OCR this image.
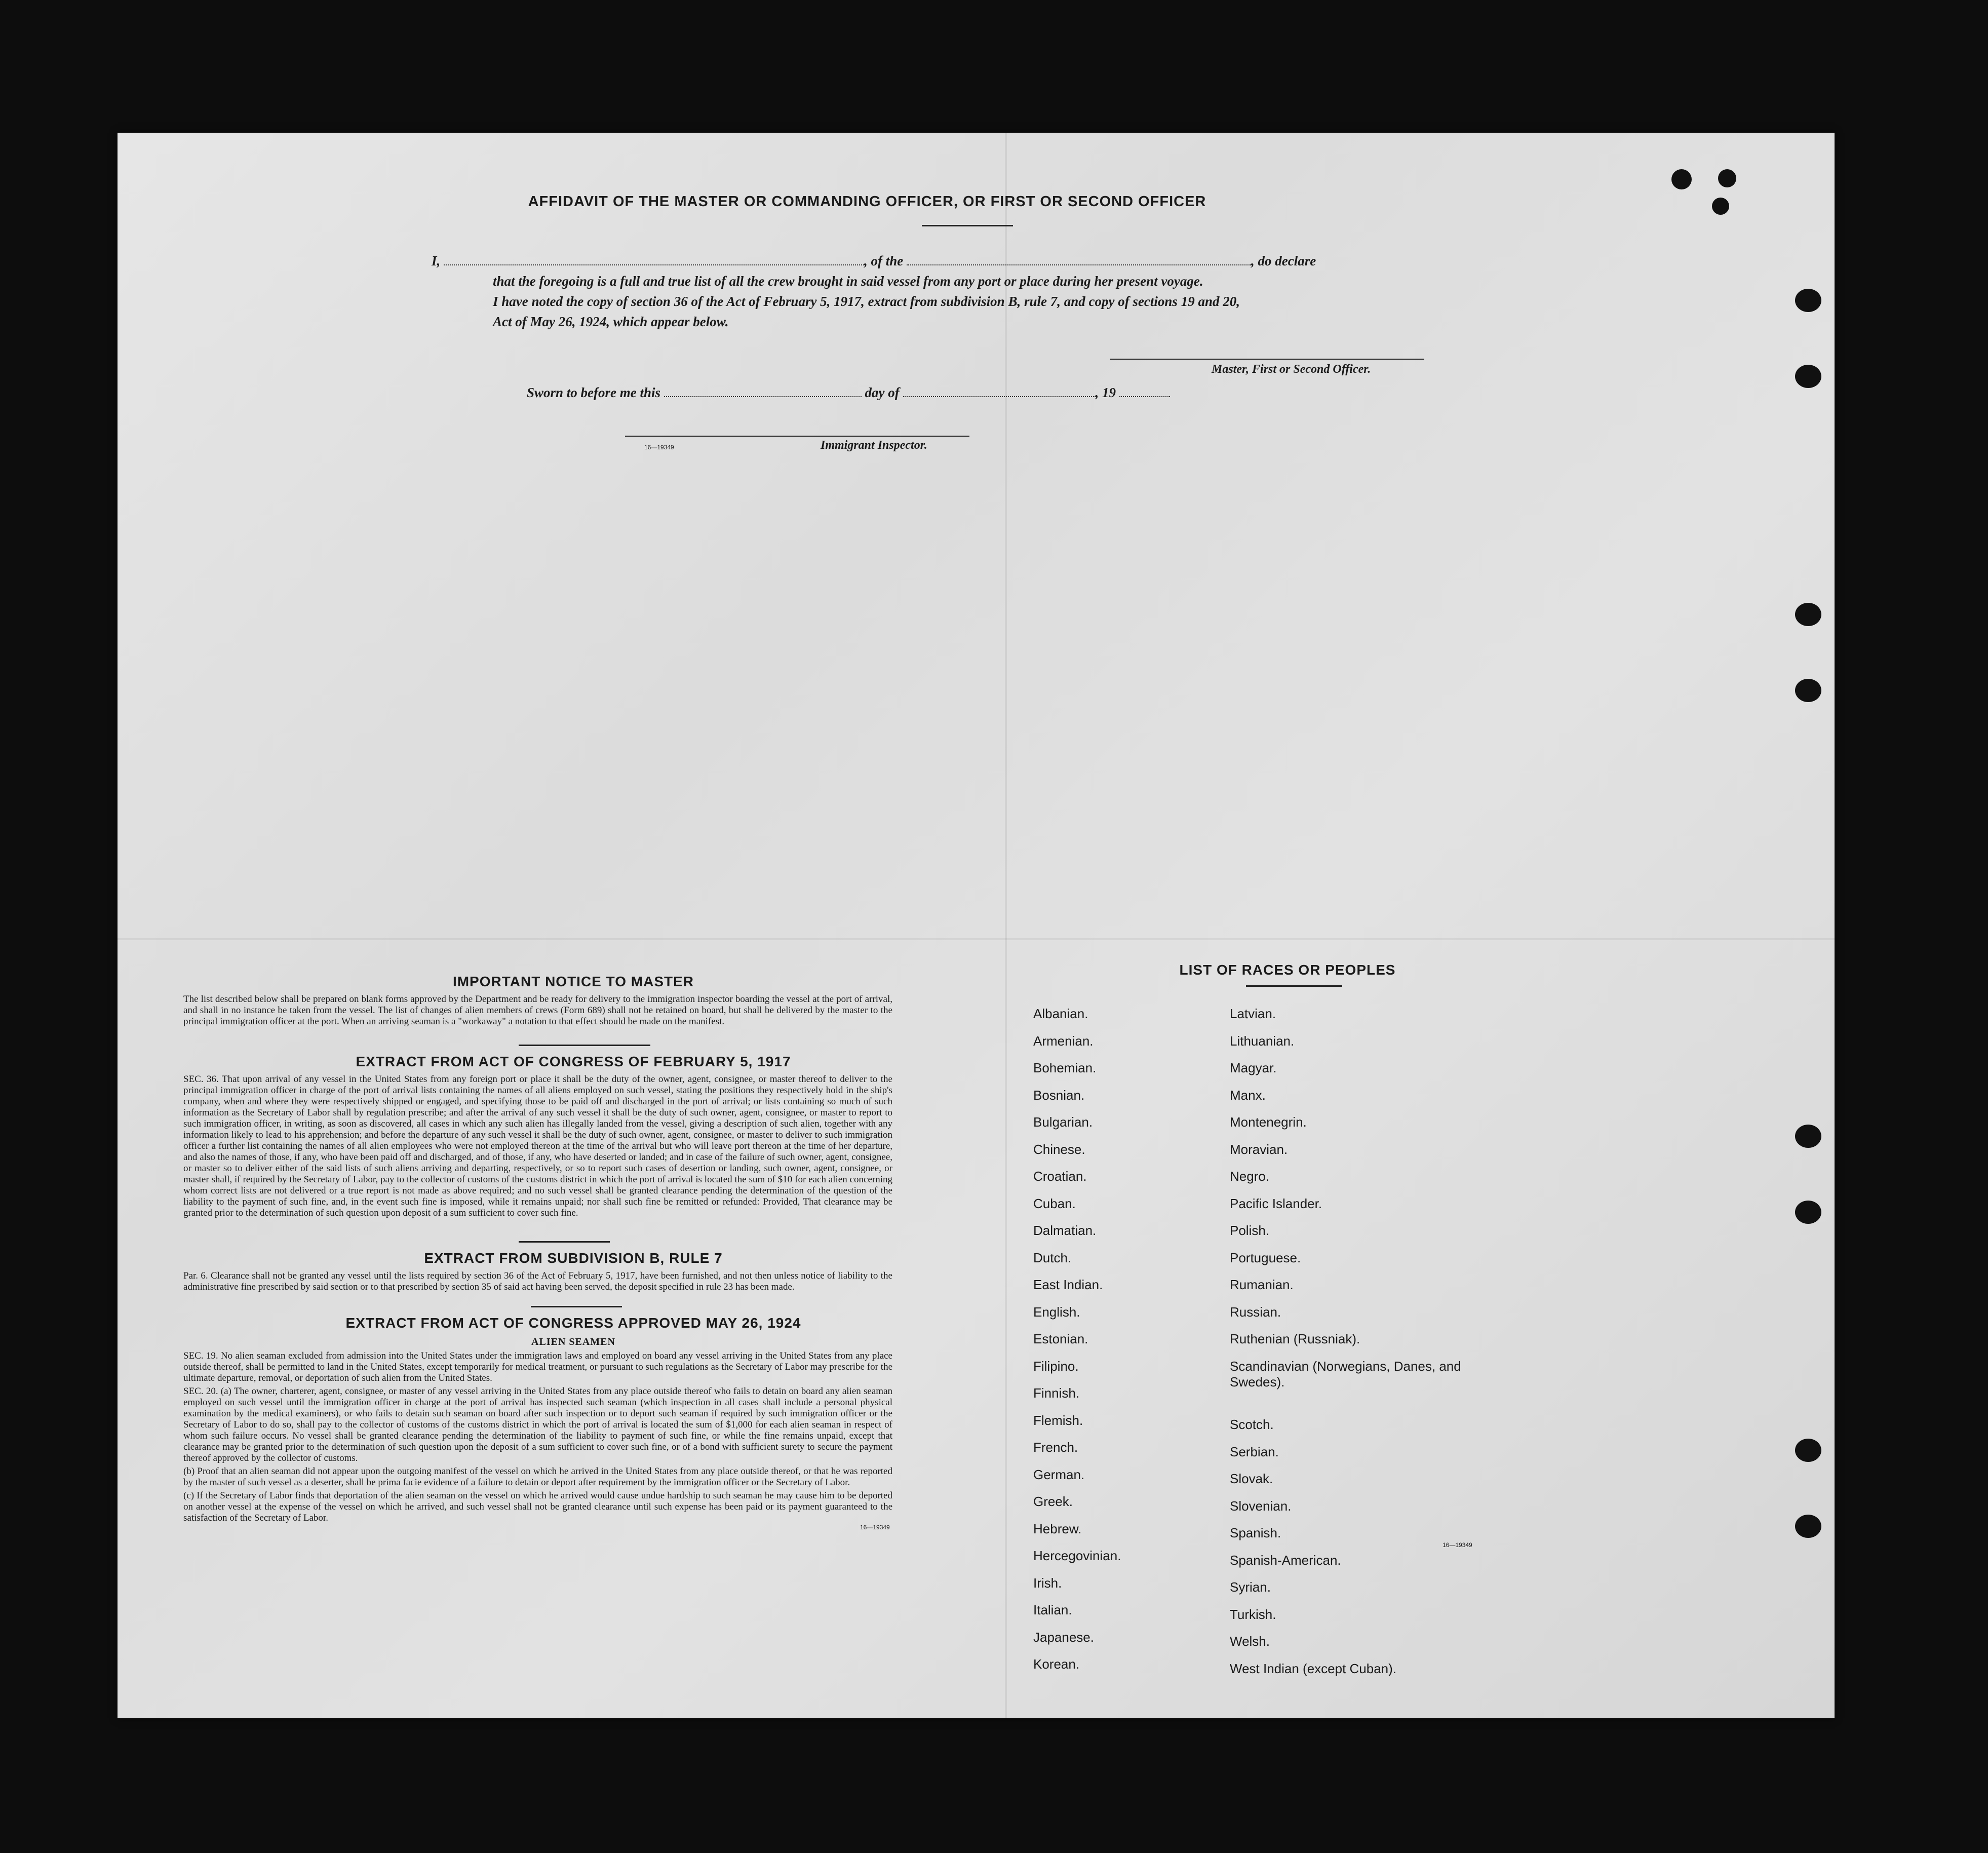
AFFIDAVIT OF THE MASTER OR COMMANDING OFFICER, OR FIRST OR SECOND OFFICER
I,	, of the	, do declare
that the foregoing is a full and true list of all the crew brought in said vessel from any port or place during her present voyage.
I have noted the copy of section 36 of the Act of February 5, 1917, extract from subdivision B, rule 7, and copy of sections 19 and 20,
Act of May 26, 1924, which appear below.
Master, First or Second Officer.
Sworn to before me this	day of	, 19
16—19349	Immigrant Inspector.
IMPORTANT NOTICE TO MASTER
The list described below shall be prepared on blank forms approved by the Department and be ready for delivery to the immigration inspector boarding the vessel at the port of arrival, and shall in no instance be taken from the vessel. The list of changes of alien members of crews (Form 689) shall not be retained on board, but shall be delivered by the master to the principal immigration officer at the port. When an arriving seaman is a "workaway" a notation to that effect should be made on the manifest.
EXTRACT FROM ACT OF CONGRESS OF FEBRUARY 5, 1917
SEC. 36. That upon arrival of any vessel in the United States from any foreign port or place it shall be the duty of the owner, agent, consignee, or master thereof to deliver to the principal immigration officer in charge of the port of arrival lists containing the names of all aliens employed on such vessel, stating the positions they respectively hold in the ship's company, when and where they were respectively shipped or engaged, and specifying those to be paid off and discharged in the port of arrival; or lists containing so much of such information as the Secretary of Labor shall by regulation prescribe; and after the arrival of any such vessel it shall be the duty of such owner, agent, consignee, or master to report to such immigration officer, in writing, as soon as discovered, all cases in which any such alien has illegally landed from the vessel, giving a description of such alien, together with any information likely to lead to his apprehension; and before the departure of any such vessel it shall be the duty of such owner, agent, consignee, or master to deliver to such immigration officer a further list containing the names of all alien employees who were not employed thereon at the time of the arrival but who will leave port thereon at the time of her departure, and also the names of those, if any, who have been paid off and discharged, and of those, if any, who have deserted or landed; and in case of the failure of such owner, agent, consignee, or master so to deliver either of the said lists of such aliens arriving and departing, respectively, or so to report such cases of desertion or landing, such owner, agent, consignee, or master shall, if required by the Secretary of Labor, pay to the collector of customs of the customs district in which the port of arrival is located the sum of $10 for each alien concerning whom correct lists are not delivered or a true report is not made as above required; and no such vessel shall be granted clearance pending the determination of the question of the liability to the payment of such fine, and, in the event such fine is imposed, while it remains unpaid; nor shall such fine be remitted or refunded: Provided, That clearance may be granted prior to the determination of such question upon deposit of a sum sufficient to cover such fine.
EXTRACT FROM SUBDIVISION B, RULE 7
Par. 6. Clearance shall not be granted any vessel until the lists required by section 36 of the Act of February 5, 1917, have been furnished, and not then unless notice of liability to the administrative fine prescribed by said section or to that prescribed by section 35 of said act having been served, the deposit specified in rule 23 has been made.
EXTRACT FROM ACT OF CONGRESS APPROVED MAY 26, 1924
ALIEN SEAMEN
SEC. 19. No alien seaman excluded from admission into the United States under the immigration laws and employed on board any vessel arriving in the United States from any place outside thereof, shall be permitted to land in the United States, except temporarily for medical treatment, or pursuant to such regulations as the Secretary of Labor may prescribe for the ultimate departure, removal, or deportation of such alien from the United States.
SEC. 20. (a) The owner, charterer, agent, consignee, or master of any vessel arriving in the United States from any place outside thereof who fails to detain on board any alien seaman employed on such vessel until the immigration officer in charge at the port of arrival has inspected such seaman (which inspection in all cases shall include a personal physical examination by the medical examiners), or who fails to detain such seaman on board after such inspection or to deport such seaman if required by such immigration officer or the Secretary of Labor to do so, shall pay to the collector of customs of the customs district in which the port of arrival is located the sum of $1,000 for each alien seaman in respect of whom such failure occurs. No vessel shall be granted clearance pending the determination of the liability to payment of such fine, or while the fine remains unpaid, except that clearance may be granted prior to the determination of such question upon the deposit of a sum sufficient to cover such fine, or of a bond with sufficient surety to secure the payment thereof approved by the collector of customs.
(b) Proof that an alien seaman did not appear upon the outgoing manifest of the vessel on which he arrived in the United States from any place outside thereof, or that he was reported by the master of such vessel as a deserter, shall be prima facie evidence of a failure to detain or deport after requirement by the immigration officer or the Secretary of Labor.
(c) If the Secretary of Labor finds that deportation of the alien seaman on the vessel on which he arrived would cause undue hardship to such seaman he may cause him to be deported on another vessel at the expense of the vessel on which he arrived, and such vessel shall not be granted clearance until such expense has been paid or its payment guaranteed to the satisfaction of the Secretary of Labor.
16—19349
LIST OF RACES OR PEOPLES
Albanian.
Armenian.
Bohemian.
Bosnian.
Bulgarian.
Chinese.
Croatian.
Cuban.
Dalmatian.
Dutch.
East Indian.
English.
Estonian.
Filipino.
Finnish.
Flemish.
French.
German.
Greek.
Hebrew.
Hercegovinian.
Irish.
Italian.
Japanese.
Korean.
Latvian.
Lithuanian.
Magyar.
Manx.
Montenegrin.
Moravian.
Negro.
Pacific Islander.
Polish.
Portuguese.
Rumanian.
Russian.
Ruthenian (Russniak).
Scandinavian (Norwegians, Danes, and Swedes).

Scotch.
Serbian.
Slovak.
Slovenian.
Spanish.
Spanish-American.
Syrian.
Turkish.
Welsh.
West Indian (except Cuban).
16—19349
